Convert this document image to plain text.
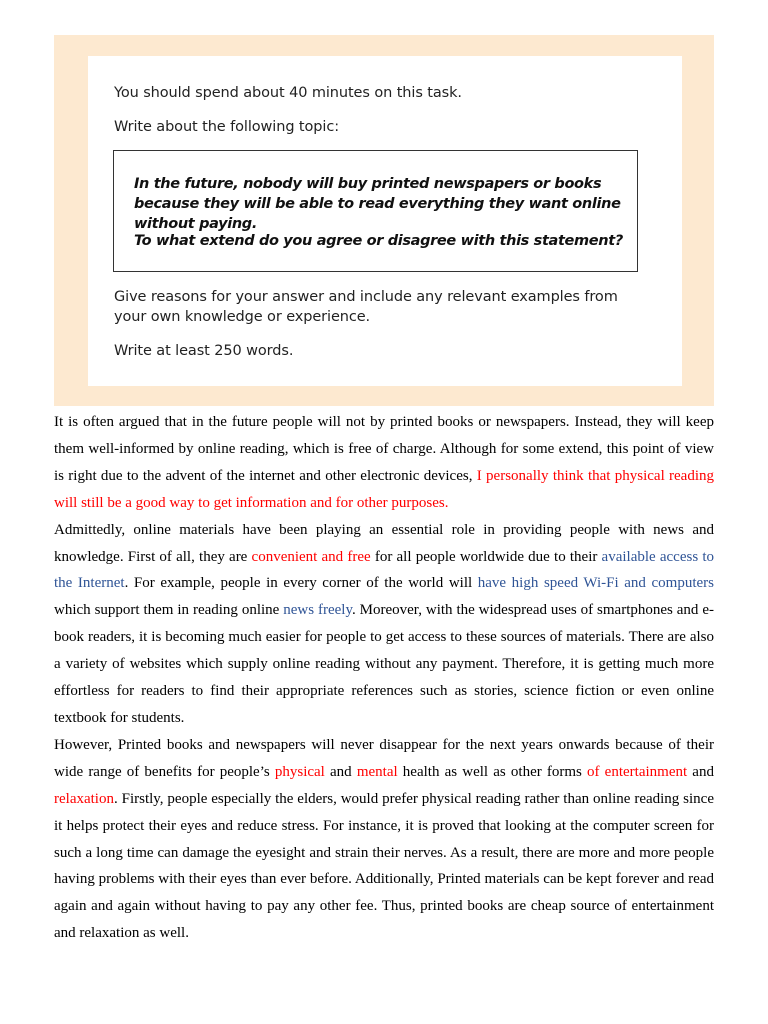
You should spend about 40 minutes on this task.
Write about the following topic:
In the future, nobody will buy printed newspapers or books because they will be able to read everything they want online without paying.
To what extend do you agree or disagree with this statement?
Give reasons for your answer and include any relevant examples from your own knowledge or experience.
Write at least 250 words.

It is often argued that in the future people will not by printed books or newspapers. Instead, they will keep them well-informed by online reading, which is free of charge. Although for some extend, this point of view is right due to the advent of the internet and other electronic devices, I personally think that physical reading will still be a good way to get information and for other purposes.

Admittedly, online materials have been playing an essential role in providing people with news and knowledge. First of all, they are convenient and free for all people worldwide due to their available access to the Internet. For example, people in every corner of the world will have high speed Wi-Fi and computers which support them in reading online news freely. Moreover, with the widespread uses of smartphones and e-book readers, it is becoming much easier for people to get access to these sources of materials. There are also a variety of websites which supply online reading without any payment. Therefore, it is getting much more effortless for readers to find their appropriate references such as stories, science fiction or even online textbook for students.

However, Printed books and newspapers will never disappear for the next years onwards because of their wide range of benefits for people’s physical and mental health as well as other forms of entertainment and relaxation. Firstly, people especially the elders, would prefer physical reading rather than online reading since it helps protect their eyes and reduce stress. For instance, it is proved that looking at the computer screen for such a long time can damage the eyesight and strain their nerves. As a result, there are more and more people having problems with their eyes than ever before. Additionally, Printed materials can be kept forever and read again and again without having to pay any other fee. Thus, printed books are cheap source of entertainment and relaxation as well.
